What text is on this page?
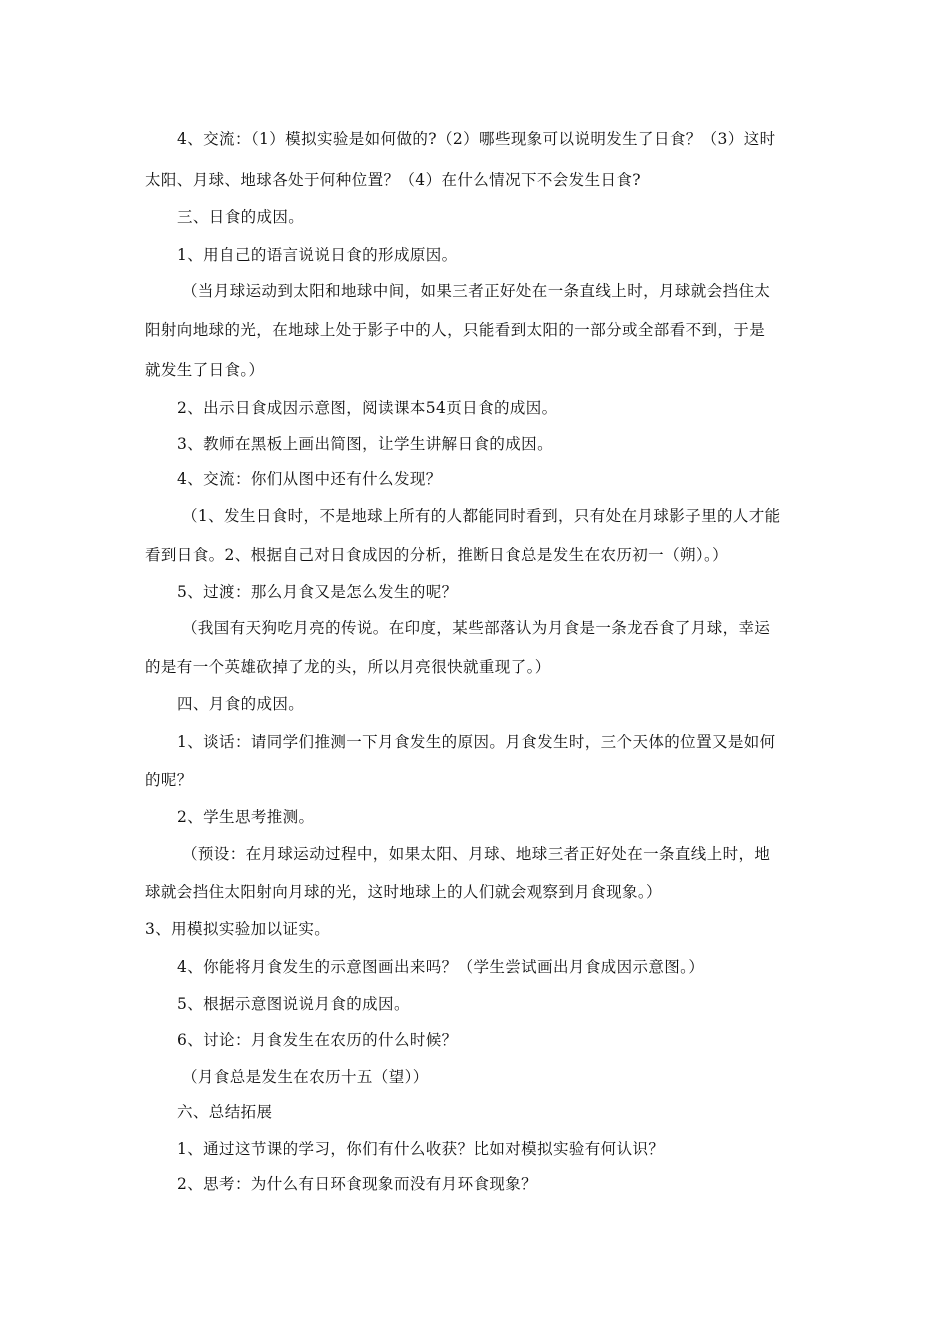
4、交流：（1）模拟实验是如何做的?（2）哪些现象可以说明发生了日食？（3）这时
太阳、月球、地球各处于何种位置？（4）在什么情况下不会发生日食?
三、日食的成因。
1、用自己的语言说说日食的形成原因。
（当月球运动到太阳和地球中间，如果三者正好处在一条直线上时，月球就会挡住太
阳射向地球的光，在地球上处于影子中的人，只能看到太阳的一部分或全部看不到，于是
就发生了日食。）
2、出示日食成因示意图，阅读课本54页日食的成因。
3、教师在黑板上画出简图，让学生讲解日食的成因。
4、交流：你们从图中还有什么发现？
（1、发生日食时，不是地球上所有的人都能同时看到，只有处在月球影子里的人才能
看到日食。2、根据自己对日食成因的分析，推断日食总是发生在农历初一（朔）。）
5、过渡：那么月食又是怎么发生的呢？
（我国有天狗吃月亮的传说。在印度，某些部落认为月食是一条龙吞食了月球，幸运
的是有一个英雄砍掉了龙的头，所以月亮很快就重现了。）
四、月食的成因。
1、谈话：请同学们推测一下月食发生的原因。月食发生时，三个天体的位置又是如何
的呢？
2、学生思考推测。
（预设：在月球运动过程中，如果太阳、月球、地球三者正好处在一条直线上时，地
球就会挡住太阳射向月球的光，这时地球上的人们就会观察到月食现象。）
3、用模拟实验加以证实。
4、你能将月食发生的示意图画出来吗？（学生尝试画出月食成因示意图。）
5、根据示意图说说月食的成因。
6、讨论：月食发生在农历的什么时候？
（月食总是发生在农历十五（望））
六、总结拓展
1、通过这节课的学习，你们有什么收获？比如对模拟实验有何认识？
2、思考：为什么有日环食现象而没有月环食现象？
